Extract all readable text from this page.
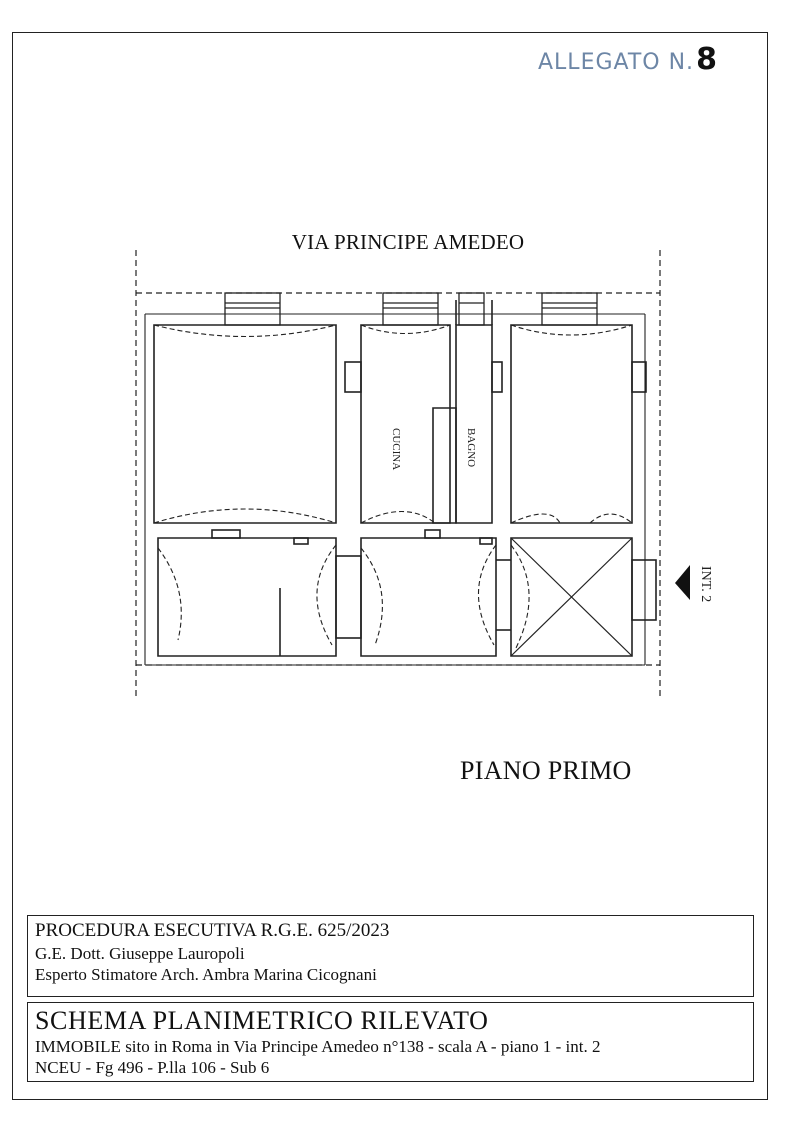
ALLEGATO N.8
VIA PRINCIPE AMEDEO
CUCINA	BAGNO
INT. 2
PIANO PRIMO
PROCEDURA ESECUTIVA R.G.E. 625/2023
G.E. Dott. Giuseppe Lauropoli
Esperto Stimatore Arch. Ambra Marina Cicognani
SCHEMA PLANIMETRICO RILEVATO
IMMOBILE sito in Roma in Via Principe Amedeo n°138 - scala A - piano 1 - int. 2
NCEU - Fg 496 - P.lla 106 - Sub 6
